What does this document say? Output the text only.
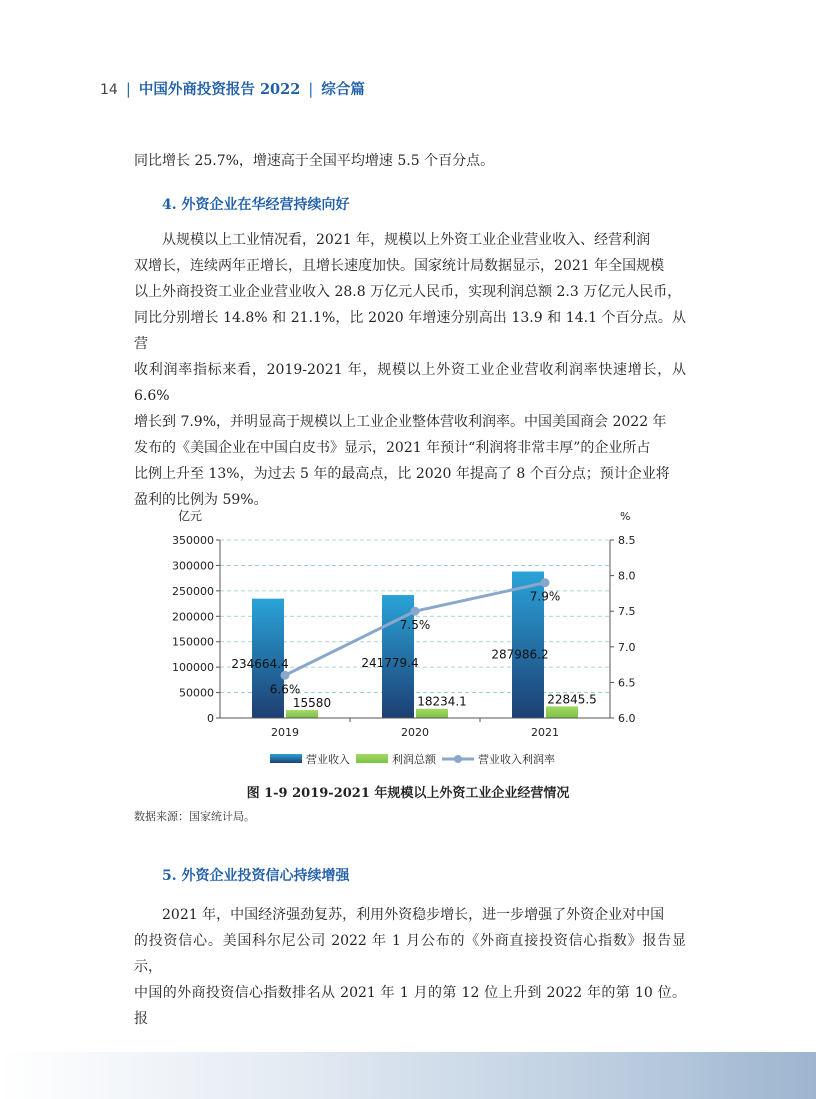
14 | 中国外商投资报告 2022 | 综合篇
同比增长 25.7%，增速高于全国平均增速 5.5 个百分点。
4. 外资企业在华经营持续向好
从规模以上工业情况看，2021 年，规模以上外资工业企业营业收入、经营利润
双增长，连续两年正增长，且增长速度加快。国家统计局数据显示，2021 年全国规模
以上外商投资工业企业营业收入 28.8 万亿元人民币，实现利润总额 2.3 万亿元人民币，
同比分别增长 14.8% 和 21.1%，比 2020 年增速分别高出 13.9 和 14.1 个百分点。从营
收利润率指标来看，2019-2021 年，规模以上外资工业企业营收利润率快速增长，从 6.6%
增长到 7.9%，并明显高于规模以上工业企业整体营收利润率。中国美国商会 2022 年
发布的《美国企业在中国白皮书》显示，2021 年预计“利润将非常丰厚”的企业所占
比例上升至 13%，为过去 5 年的最高点，比 2020 年提高了 8 个百分点；预计企业将
盈利的比例为 59%。
0
50000
100000
150000
200000
250000
300000
350000
6.0
6.5
7.0
7.5
8.0
8.5
亿元	%
2019	2020	2021
234664.4	241779.4
287986.2
15580	18234.1	22845.5
6.6%
7.5%
7.9%
营业收入	利润总额	营业收入利润率
图 1-9 2019-2021 年规模以上外资工业企业经营情况
数据来源：国家统计局。
5. 外资企业投资信心持续增强
2021 年，中国经济强劲复苏，利用外资稳步增长，进一步增强了外资企业对中国
的投资信心。美国科尔尼公司 2022 年 1 月公布的《外商直接投资信心指数》报告显示，
中国的外商投资信心指数排名从 2021 年 1 月的第 12 位上升到 2022 年的第 10 位。报
